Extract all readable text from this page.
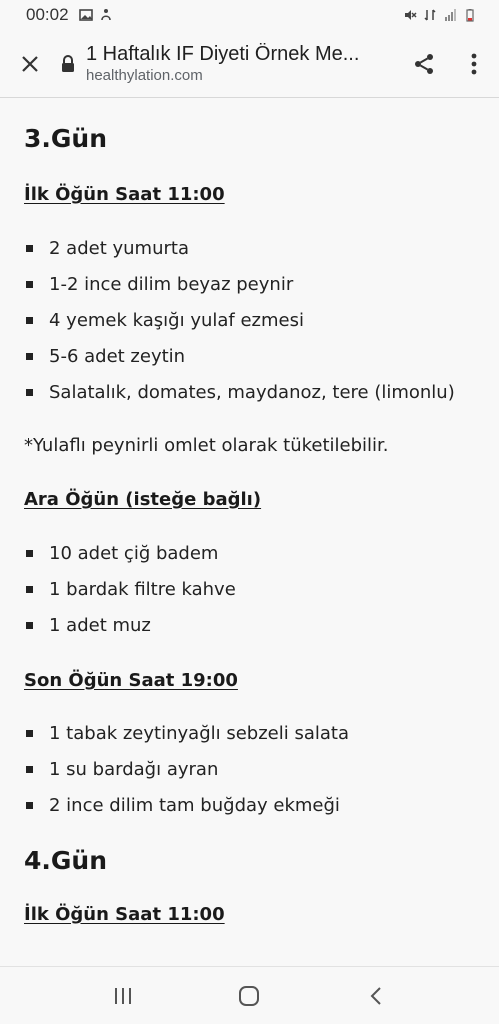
00:02
1 Haftalık IF Diyeti Örnek Me...
healthylation.com
3.Gün
İlk Öğün Saat 11:00
2 adet yumurta
1-2 ince dilim beyaz peynir
4 yemek kaşığı yulaf ezmesi
5-6 adet zeytin
Salatalık, domates, maydanoz, tere (limonlu)
*Yulaflı peynirli omlet olarak tüketilebilir.
Ara Öğün (isteğe bağlı)
10 adet çiğ badem
1 bardak filtre kahve
1 adet muz
Son Öğün Saat 19:00
1 tabak zeytinyağlı sebzeli salata
1 su bardağı ayran
2 ince dilim tam buğday ekmeği
4.Gün
İlk Öğün Saat 11:00
